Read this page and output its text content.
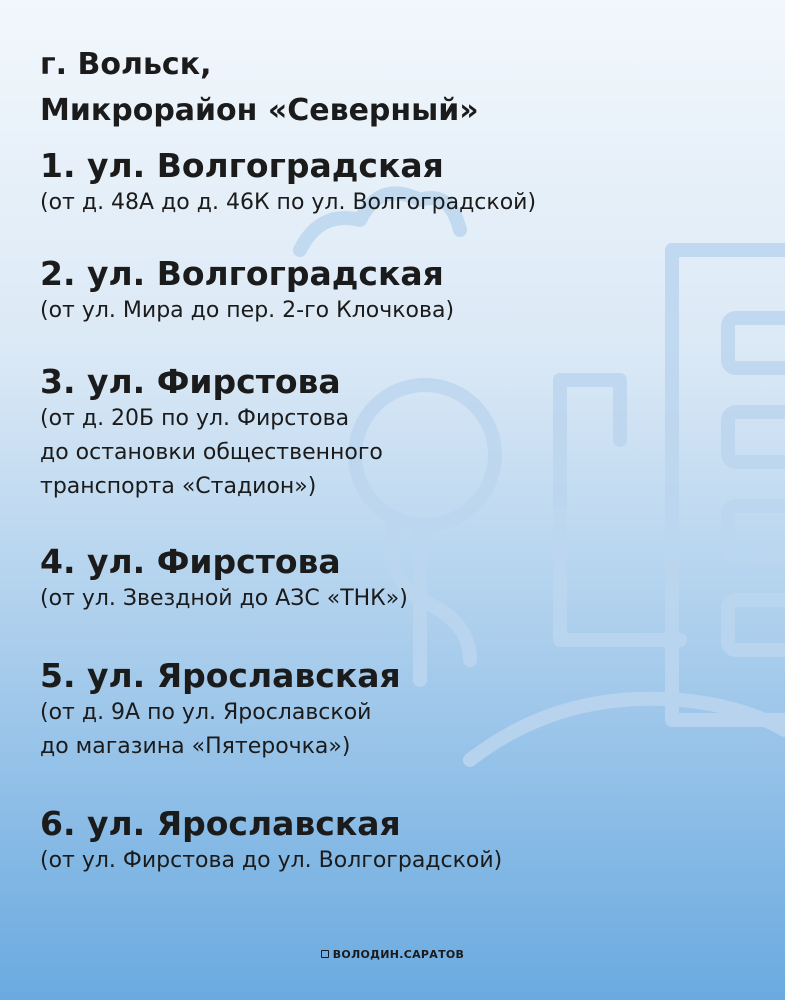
г. Вольск,
Микрорайон «Северный»
1. ул. Волгоградская
(от д. 48А до д. 46К по ул. Волгоградской)
2. ул. Волгоградская
(от ул. Мира до пер. 2-го Клочкова)
3. ул. Фирстова
(от д. 20Б по ул. Фирстова
до остановки общественного
транспорта «Стадион»)
4. ул. Фирстова
(от ул. Звездной до АЗС «ТНК»)
5. ул. Ярославская
(от д. 9А по ул. Ярославской
до магазина «Пятерочка»)
6. ул. Ярославская
(от ул. Фирстова до ул. Волгоградской)
ВОЛОДИН.САРАТОВ
